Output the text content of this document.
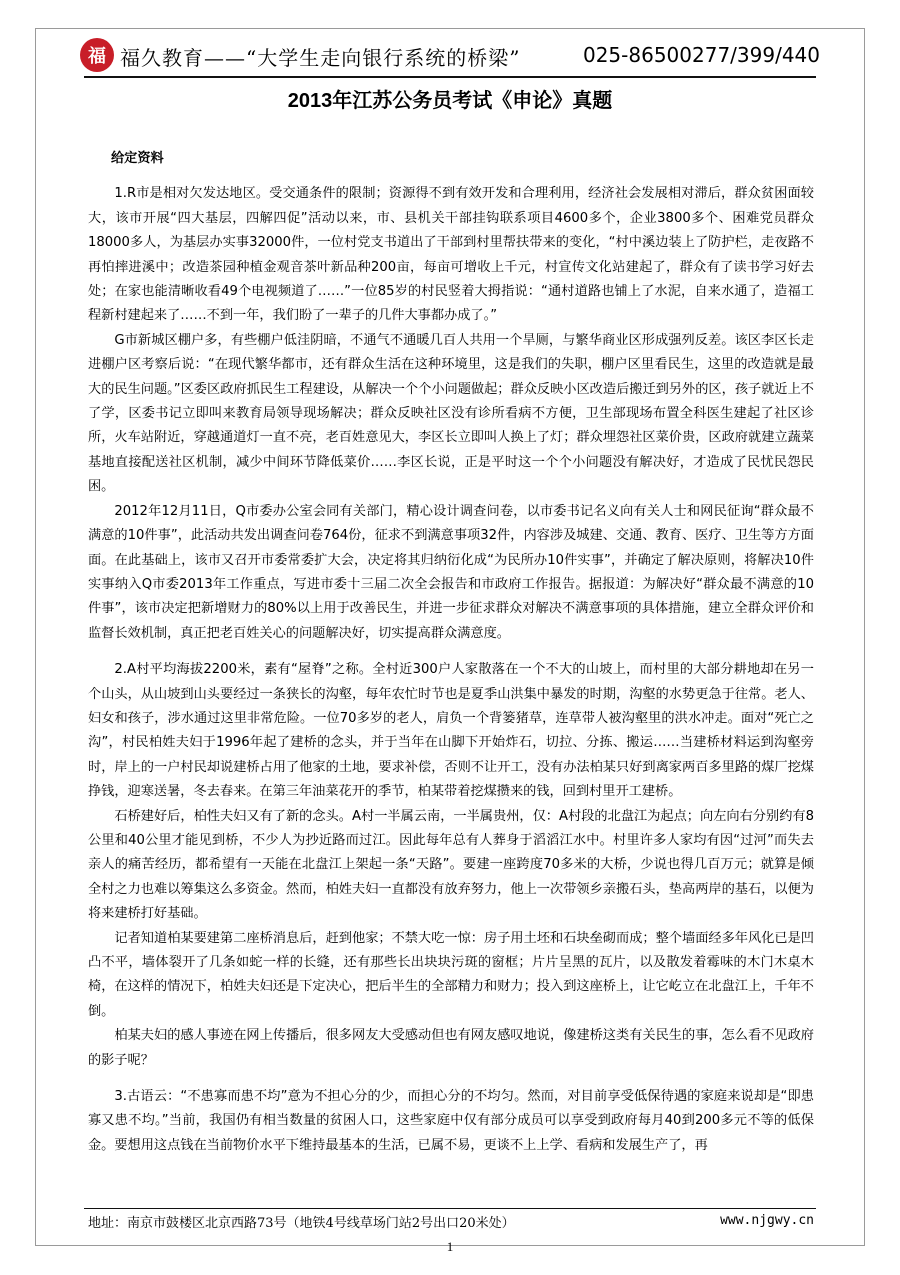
福 福久教育——“大学生走向银行系统的桥梁”	025-86500277/399/440
2013年江苏公务员考试《申论》真题
给定资料

1.R市是相对欠发达地区。受交通条件的限制；资源得不到有效开发和合理利用，经济社会发展相对滞后，群众贫困面较大，该市开展“四大基层，四解四促”活动以来，市、县机关干部挂钩联系项目4600多个，企业3800多个、困难党员群众18000多人，为基层办实事32000件，一位村党支书道出了干部到村里帮扶带来的变化，“村中溪边装上了防护栏，走夜路不再怕摔进溪中；改造茶园种植金观音茶叶新品种200亩，每亩可增收上千元，村宣传文化站建起了，群众有了读书学习好去处；在家也能清晰收看49个电视频道了……”一位85岁的村民竖着大拇指说：“通村道路也铺上了水泥，自来水通了，造福工程新村建起来了……不到一年，我们盼了一辈子的几件大事都办成了。”

G市新城区棚户多，有些棚户低洼阴暗，不通气不通暖几百人共用一个旱厕，与繁华商业区形成强列反差。该区李区长走进棚户区考察后说：“在现代繁华都市，还有群众生活在这种环境里，这是我们的失职，棚户区里看民生，这里的改造就是最大的民生问题。”区委区政府抓民生工程建设，从解决一个个小问题做起；群众反映小区改造后搬迁到另外的区，孩子就近上不了学，区委书记立即叫来教育局领导现场解决；群众反映社区没有诊所看病不方便，卫生部现场布置全科医生建起了社区诊所，火车站附近，穿越通道灯一直不亮，老百姓意见大，李区长立即叫人换上了灯；群众埋怨社区菜价贵，区政府就建立蔬菜基地直接配送社区机制，减少中间环节降低菜价……李区长说，正是平时这一个个小问题没有解决好，才造成了民忧民怨民困。

2012年12月11日，Q市委办公室会同有关部门，精心设计调查问卷，以市委书记名义向有关人士和网民征询“群众最不满意的10件事”，此活动共发出调查问卷764份，征求不到满意事项32件，内容涉及城建、交通、教育、医疗、卫生等方方面面。在此基础上，该市又召开市委常委扩大会，决定将其归纳衍化成“为民所办10件实事”，并确定了解决原则，将解决10件实事纳入Q市委2013年工作重点，写进市委十三届二次全会报告和市政府工作报告。据报道：为解决好“群众最不满意的10件事”，该市决定把新增财力的80%以上用于改善民生，并进一步征求群众对解决不满意事项的具体措施，建立全群众评价和监督长效机制，真正把老百姓关心的问题解决好，切实提高群众满意度。

2.A村平均海拔2200米，素有“屋脊”之称。全村近300户人家散落在一个不大的山坡上，而村里的大部分耕地却在另一个山头，从山坡到山头要经过一条狭长的沟壑，每年农忙时节也是夏季山洪集中暴发的时期，沟壑的水势更急于往常。老人、妇女和孩子，涉水通过这里非常危险。一位70多岁的老人，肩负一个背篓猪草，连草带人被沟壑里的洪水冲走。面对“死亡之沟”，村民柏姓夫妇于1996年起了建桥的念头，并于当年在山脚下开始炸石，切拉、分拣、搬运……当建桥材料运到沟壑旁时，岸上的一户村民却说建桥占用了他家的土地，要求补偿，否则不让开工，没有办法柏某只好到离家两百多里路的煤厂挖煤挣钱，迎寒送暑，冬去春来。在第三年油菜花开的季节，柏某带着挖煤攒来的钱，回到村里开工建桥。

石桥建好后，柏性夫妇又有了新的念头。A村一半属云南，一半属贵州，仅：A村段的北盘江为起点；向左向右分别约有8公里和40公里才能见到桥，不少人为抄近路而过江。因此每年总有人葬身于滔滔江水中。村里许多人家均有因“过河”而失去亲人的痛苦经历，都希望有一天能在北盘江上架起一条“天路”。要建一座跨度70多米的大桥，少说也得几百万元；就算是倾全村之力也难以筹集这么多资金。然而，柏姓夫妇一直都没有放弃努力，他上一次带领乡亲搬石头，垫高两岸的基石，以便为将来建桥打好基础。

记者知道柏某要建第二座桥消息后，赶到他家；不禁大吃一惊：房子用土坯和石块垒砌而成；整个墙面经多年风化已是凹凸不平，墙体裂开了几条如蛇一样的长缝，还有那些长出块块污斑的窗框；片片呈黑的瓦片，以及散发着霉味的木门木桌木椅，在这样的情况下，柏姓夫妇还是下定决心，把后半生的全部精力和财力；投入到这座桥上，让它屹立在北盘江上，千年不倒。

柏某夫妇的感人事迹在网上传播后，很多网友大受感动但也有网友感叹地说，像建桥这类有关民生的事，怎么看不见政府的影子呢？

3.古语云：“不患寡而患不均”意为不担心分的少，而担心分的不均匀。然而，对目前享受低保待遇的家庭来说却是“即患寡又患不均。”当前，我国仍有相当数量的贫困人口，这些家庭中仅有部分成员可以享受到政府每月40到200多元不等的低保金。要想用这点钱在当前物价水平下维持最基本的生活，已属不易，更谈不上上学、看病和发展生产了，再

地址：南京市鼓楼区北京西路73号（地铁4号线草场门站2号出口20米处）	www.njgwy.cn
1
